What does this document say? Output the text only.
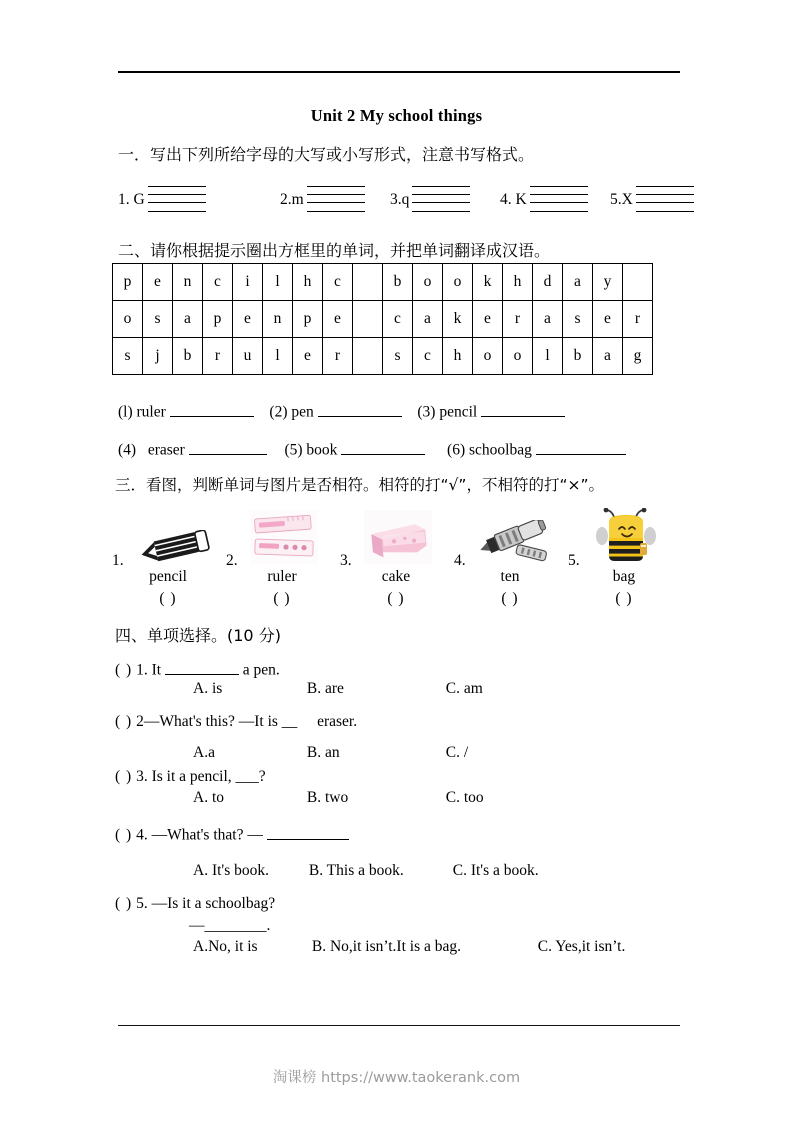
Unit 2 My school things
一．写出下列所给字母的大写或小写形式，注意书写格式。
1. G	2.m	3.q	4. K	5.X
二、请你根据提示圈出方框里的单词，并把单词翻译成汉语。
p	e	n	c	i	l	h	c		b	o	o	k	h	d	a	y	
o	s	a	p	e	n	p	e		c	a	k	e	r	a	s	e	r
s	j	b	r	u	l	e	r		s	c	h	o	o	l	b	a	g
(l) ruler	(2) pen	(3) pencil
(4) eraser	(5) book	(6) schoolbag
三．看图，判断单词与图片是否相符。相符的打“√”，不相符的打“×”。
1.
pencil
( )
2.
ruler
( )
3.
cake
( )
4.
ten
( )
5.
bag
( )
四、单项选择。(10 分)
( ) 1. It	a pen.
A. is	B. are	C. am
( ) 2—What's this? —It is __ eraser.
A.a	B. an	C. /
( ) 3. Is it a pencil, ___?
A. to	B. two	C. too
( ) 4. —What's that? —
A. It's book.	B. This a book.	C. It's a book.
( ) 5. —Is it a schoolbag?
—________.
A.No, it is	B. No,it isn’t.It is a bag.	C. Yes,it isn’t.
淘课榜 https://www.taokerank.com
